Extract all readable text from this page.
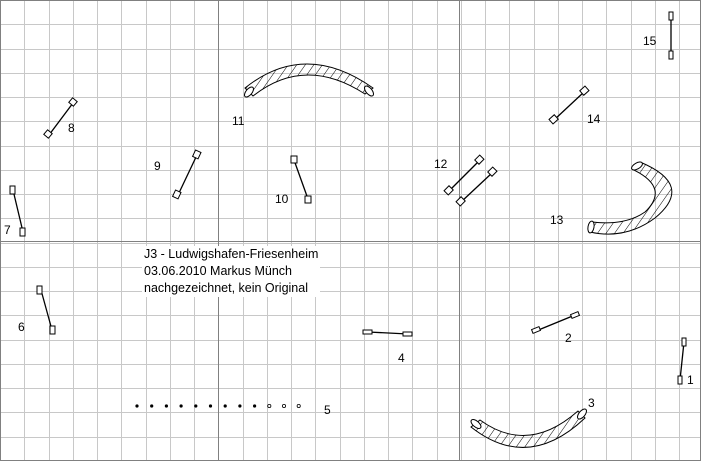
1
2
3
4
5
6
7
8
9
10
11
12
13
14
15
J3 - Ludwigshafen-Friesenheim
03.06.2010 Markus Münch
nachgezeichnet, kein Original
